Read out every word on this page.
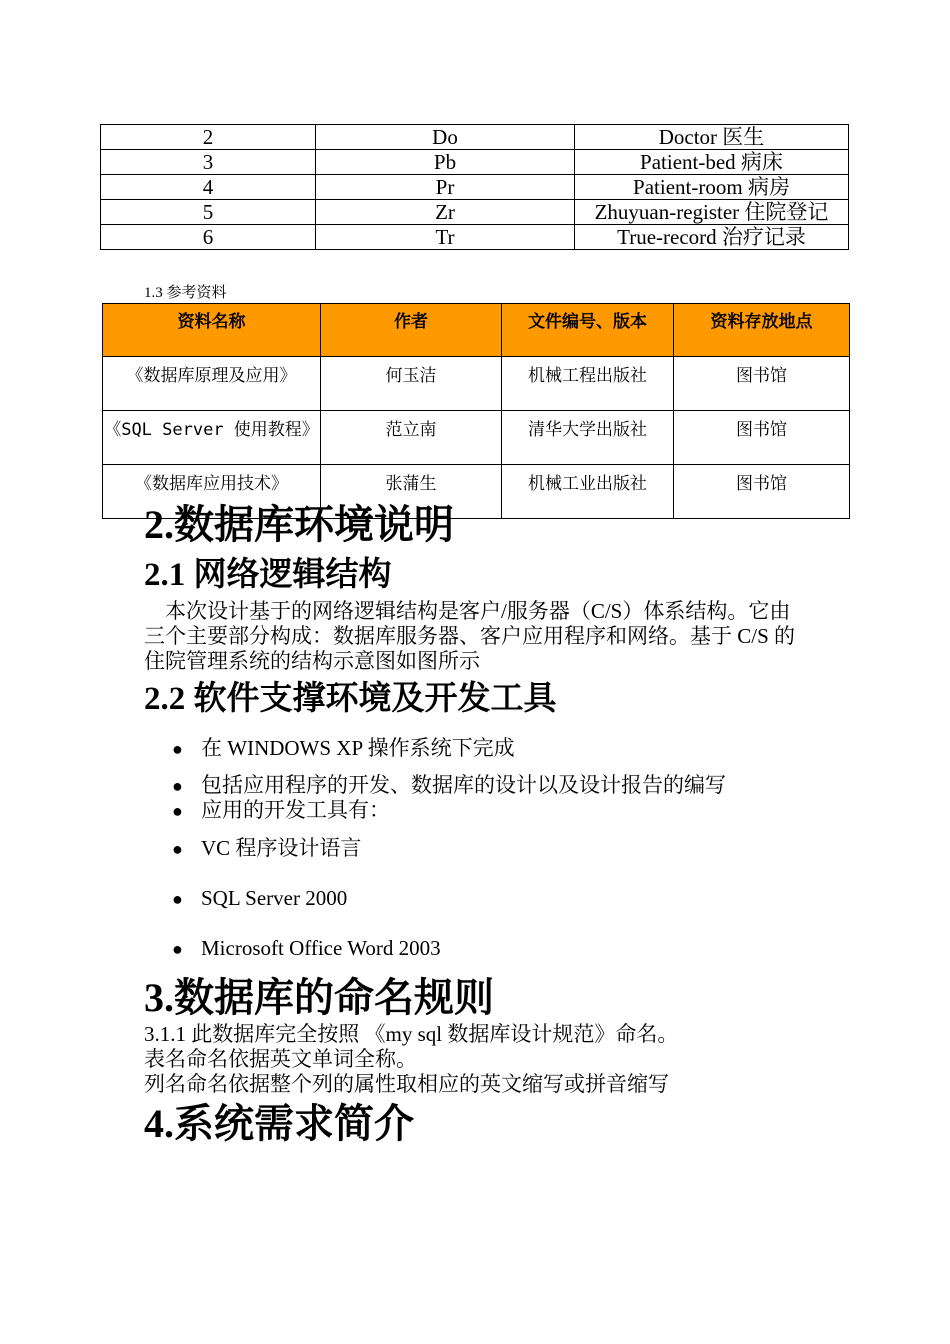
2	Do	Doctor 医生
3	Pb	Patient-bed 病床
4	Pr	Patient-room 病房
5	Zr	Zhuyuan-register 住院登记
6	Tr	True-record 治疗记录
1.3 参考资料
资料名称	作者	文件编号、版本	资料存放地点
《数据库原理及应用》	何玉洁	机械工程出版社	图书馆
《SQL Server 使用教程》	范立南	清华大学出版社	图书馆
《数据库应用技术》	张蒲生	机械工业出版社	图书馆
2.数据库环境说明
2.1 网络逻辑结构
　本次设计基于的网络逻辑结构是客户/服务器（C/S）体系结构。它由
三个主要部分构成：数据库服务器、客户应用程序和网络。基于 C/S 的
住院管理系统的结构示意图如图所示
2.2 软件支撑环境及开发工具
● 在 WINDOWS XP 操作系统下完成
● 包括应用程序的开发、数据库的设计以及设计报告的编写
● 应用的开发工具有：
● VC 程序设计语言
● SQL Server 2000
● Microsoft Office Word 2003
3.数据库的命名规则
3.1.1 此数据库完全按照 《my sql 数据库设计规范》命名。
表名命名依据英文单词全称。
列名命名依据整个列的属性取相应的英文缩写或拼音缩写
4.系统需求简介
